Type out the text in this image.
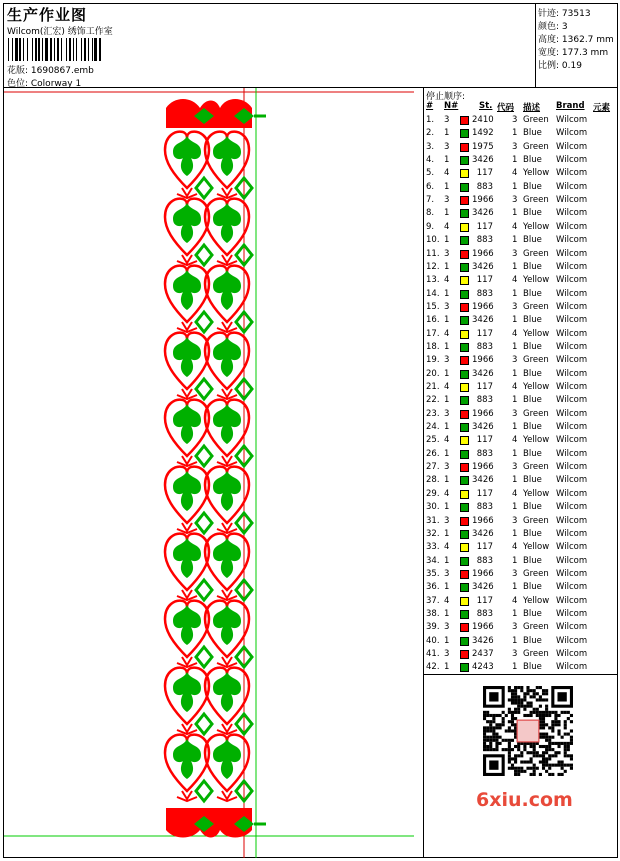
生产作业图
Wilcom(汇宏) 绣饰工作室
花版: 1690867.emb
色位: Colorway 1
针迹: 73513
颜色: 3
高度: 1362.7 mm
宽度: 177.3 mm
比例: 0.19
停止顺序:
# N# St. 代码 描述 Brand 元素
1. 3	2410 3 Green Wilcom
2. 1	1492 1 Blue Wilcom
3. 3	1975 3 Green Wilcom
4. 1	3426 1 Blue Wilcom
5. 4	117 4 Yellow Wilcom
6. 1	883 1 Blue Wilcom
7. 3	1966 3 Green Wilcom
8. 1	3426 1 Blue Wilcom
9. 4	117 4 Yellow Wilcom
10. 1	883 1 Blue Wilcom
11. 3	1966 3 Green Wilcom
12. 1	3426 1 Blue Wilcom
13. 4	117 4 Yellow Wilcom
14. 1	883 1 Blue Wilcom
15. 3	1966 3 Green Wilcom
16. 1	3426 1 Blue Wilcom
17. 4	117 4 Yellow Wilcom
18. 1	883 1 Blue Wilcom
19. 3	1966 3 Green Wilcom
20. 1	3426 1 Blue Wilcom
21. 4	117 4 Yellow Wilcom
22. 1	883 1 Blue Wilcom
23. 3	1966 3 Green Wilcom
24. 1	3426 1 Blue Wilcom
25. 4	117 4 Yellow Wilcom
26. 1	883 1 Blue Wilcom
27. 3	1966 3 Green Wilcom
28. 1	3426 1 Blue Wilcom
29. 4	117 4 Yellow Wilcom
30. 1	883 1 Blue Wilcom
31. 3	1966 3 Green Wilcom
32. 1	3426 1 Blue Wilcom
33. 4	117 4 Yellow Wilcom
34. 1	883 1 Blue Wilcom
35. 3	1966 3 Green Wilcom
36. 1	3426 1 Blue Wilcom
37. 4	117 4 Yellow Wilcom
38. 1	883 1 Blue Wilcom
39. 3	1966 3 Green Wilcom
40. 1	3426 1 Blue Wilcom
41. 3	2437 3 Green Wilcom
42. 1	4243 1 Blue Wilcom
6xiu.com
